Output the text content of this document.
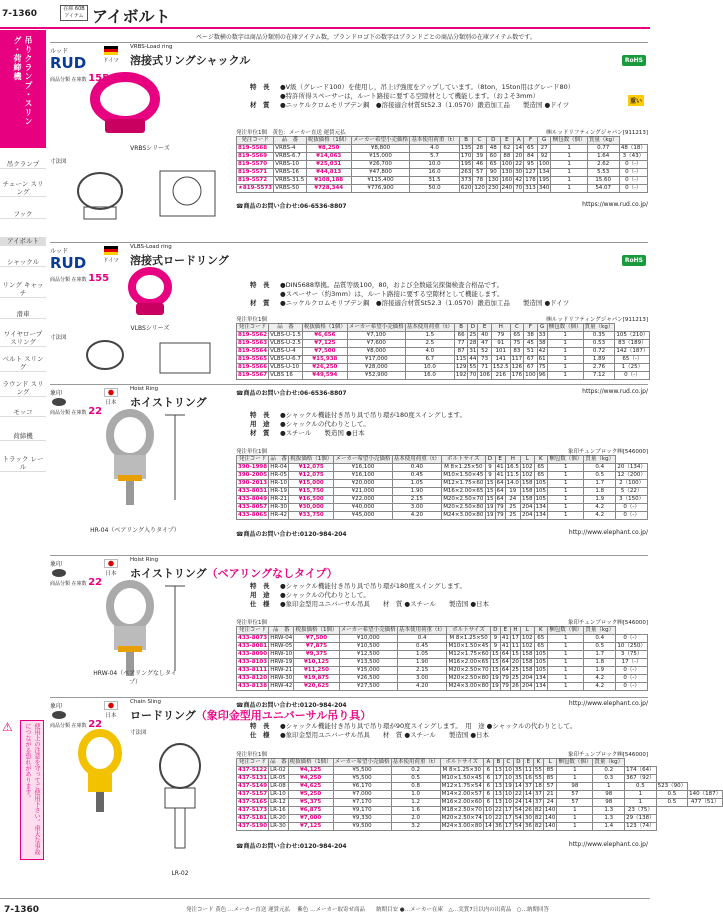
7-1360	在庫 60Bアイテム アイボルト
ページ数横の数字は商品分類別の在庫アイテム数，ブランドロゴ下の数字はブランドごとの商品分類別の在庫アイテム数です。
吊りクランプ・スリング・荷締機
吊クランプ
チェーン スリング
フック
アイボルト
シャックル
リング キャッチ
滑車
ワイヤロープ スリング
ベルト スリング
ラウンド スリング
モッコ
荷締機
トラック レール
⚠	使用上の注意を守ってご使用下さい。重大な事故につながる恐れがあります。
ルッド
RUD
商品分類 在庫数 155
ドイツ
VRBS-Load ring
溶接式リングシャックル	RoHS
重い
VRBSシリーズ
寸法図
特　長 ●V級（グレード100）を使用し，吊上げ強度をアップしています。（8ton，15ton用はグレード80）
●特許所得スペーサーは，ルート路接に要する空隙材として機能します。（およそ3mm）
材　質 ●ニッケルクロムモリブデン鋼　●溶接適合材質St52.3（1.0570）鍛造加工品　　製造国 ●ドイツ
発注単位1個　黄色：メーカー直送 運賃元払	㈱ルッドリフティングジャパン[911213]
発注コード	品　番	税抜価格（1個）	メーカー希望小売価格	基本使用荷重（t）	B	C	D	E	A	F	G	梱包数（個）	質量（kg）	
819-5568	VRBS-4	¥8,250	¥8,800	4.0	135	28	48	62	14	65	27	1	0.77	48（18）
819-5569	VRBS-6.7	¥14,063	¥15,000	5.7	170	39	60	88	20	84	92	1	1.64	3（43）
819-5570	VRBS-10	¥25,031	¥26,700	10.0	195	46	65	100	22	95	100	1	2.62	0（-）
819-5571	VRBS-16	¥44,813	¥47,800	16.0	263	57	90	130	30	127	134	1	5.53	0（-）
819-5572	VRBS-31.5	¥108,188	¥115,400	31.5	373	78	130	160	42	178	195	1	15.60	0（-）
★819-5573	VRBS-50	¥728,344	¥776,900	50.0	620	120	230	240	70	313	340	1	54.07	0（-）
☎商品のお問い合わせ:06-6536-8807	https://www.rud.co.jp/
ルッド
RUD
商品分類 在庫数 155
ドイツ
VLBS-Load ring
溶接式ロードリング	RoHS
VLBSシリーズ
寸法図
特　長 ●DIN5688準拠。品質等級100，80，および全数磁気探傷検査合格品です。
●スペーサー（約3mm）は，ルート路接に要する空隙材として機能します。
材　質 ●ニッケルクロムモリブデン鋼　●溶接適合材質St52.3（1.0570）鍛造加工品　　製造国 ●ドイツ
発注単位1個	㈱ルッドリフティングジャパン[911213]
発注コード	品　番	税抜価格（1個）	メーカー希望小売価格	基本使用荷重（t）	B	D	E	H	C	F	G	梱包数（個）	質量（kg）	
819-5562	VLBS-U-1.5	¥6,656	¥7,100	1.5	66	25	40	79	65	38	33	1	0.35	105（210）
819-5563	VLBS-U-2.5	¥7,125	¥7,600	2.5	77	28	47	91	75	45	38	1	0.53	83（189）
819-5564	VLBS-U-4	¥7,500	¥8,000	4.0	87	31	52	101	83	51	42	1	0.72	142（187）
819-5565	VLBS-U-6.7	¥15,938	¥17,000	6.7	115	44	73	141	117	67	61	1	1.89	65（-）
819-5566	VLBS-U-10	¥26,250	¥28,000	10.0	129	55	71	152.5	126	67	75	1	2.76	1（25）
819-5567	VLBS 16	¥49,594	¥52,900	16.0	192	70	106	216	176	100	96	1	7.12	0（-）
☎商品のお問い合わせ:06-6536-8807	https://www.rud.co.jp/
象印
商品分類 在庫数 22
日本
Hoist Ring
ホイストリング
HR-04（ベアリング入りタイプ）
特　長 ●シャックル機能付き吊り具で吊り環が180度スイングします。
用　途 ●シャックルの代わりとして。
材　質 ●スチール　　製造国 ●日本
発注単位1個	象印チェンブロック㈱[546000]
発注コード	品　番	税抜価格（1個）	メーカー希望小売価格	基本使用荷重（t）	ボルトサイズ	D	E	H	L	K	梱包数（個）	質量（kg）	
390-1998	HR-04	¥12,075	¥16,100	0.40	M 8×1.25×50	9	41	16.5	102	65	1	0.4	20（134）
390-2005	HR-05	¥12,075	¥16,100	0.45	M10×1.50×45	9	41	11.5	102	65	1	0.5	12（200）
390-2013	HR-10	¥15,000	¥20,000	1.05	M12×1.75×60	15	64	14.0	158	105	1	1.7	2（100）
433-8031	HR-19	¥15,750	¥21,000	1.90	M16×2.00×65	15	64	19	158	105	1	1.8	5（22）
433-8049	HR-21	¥16,500	¥22,000	2.15	M20×2.50×70	15	64	24	158	105	1	1.9	3（150）
433-8057	HR-30	¥30,000	¥40,000	3.00	M20×2.50×80	19	79	25	204	134	1	4.2	0（-）
433-8065	HR-42	¥33,750	¥45,000	4.20	M24×3.00×80	19	79	25	204	134	1	4.2	0（-）
☎商品のお問い合わせ:0120-984-204	http://www.elephant.co.jp/
象印
商品分類 在庫数 22
日本
Hoist Ring
ホイストリング（ベアリングなしタイプ）
HRW-04（ベアリングなしタイプ）
特　長 ●シャックル機能付き吊り具で吊り環が180度スイングします。
用　途 ●シャックルの代わりとして。
仕　様 ●象印金型用ユニバーサル吊具　　材　質 ●スチール　　製造国 ●日本
発注単位1個	象印チェンブロック㈱[546000]
発注コード	品　番	税抜価格（1個）	メーカー希望小売価格	基本使用荷重（t）	ボルトサイズ	D	E	H	L	K	梱包数（個）	質量（kg）	
433-8073	HRW-04	¥7,500	¥10,000	0.4	M 8×1.25×50	9	41	17	102	65	1	0.4	0（-）
433-8081	HRW-05	¥7,875	¥10,500	0.45	M10×1.50×45	9	41	11	102	65	1	0.5	10（250）
433-8090	HRW-10	¥9,375	¥12,500	1.05	M12×1.75×60	15	64	15	158	105	1	1.7	3（75）
433-8103	HRW-19	¥10,125	¥13,500	1.90	M16×2.00×65	15	64	20	158	105	1	1.8	17（-）
433-8111	HRW-21	¥11,250	¥15,000	2.15	M20×2.50×70	15	64	25	158	105	1	1.9	0（-）
433-8120	HRW-30	¥19,875	¥26,500	3.00	M20×2.50×80	19	79	25	204	134	1	4.2	0（-）
433-8138	HRW-42	¥20,625	¥27,500	4.20	M24×3.00×80	19	79	26	204	134	1	4.2	0（-）
☎商品のお問い合わせ:0120-984-204	http://www.elephant.co.jp/
象印
商品分類 在庫数 22
日本
Chain Sling
ロードリング（象印金型用ユニバーサル吊り具）
寸法図
LR-02
特　長 ●シャックル機能付き吊り具で吊り環が90度スイングします。　用　途 ●シャックルの代わりとして。
仕　様 ●象印金型用ユニバーサル吊具　　材　質 ●スチール　　製造国 ●日本
発注単位1個	象印チェンブロック㈱[546000]
発注コード	品　番	税抜価格（1個）	メーカー希望小売価格	基本使用荷重（t）	ボルトサイズ	A	B	C	D	E	K	L	梱包数（個）	質量（kg）			
437-5122	LR-02	¥4,125	¥5,500	0.2	M 8×1.25×30	6	13	10	35	11	55	85	1	0.2	174（64）		
437-5131	LR-05	¥4,250	¥5,500	0.5	M10×1.50×45	6	17	10	35	16	55	85	1	0.3	367（92）		
437-5149	LR-08	¥4,625	¥6,170	0.8	M12×1.75×54	6	13	19	14	37	18	57	98	1	0.5	523（90）	
437-5157	LR-10	¥5,250	¥7,000	1.0	M14×2.00×57	6	13	10	22	14	37	21	57	98	1	0.5	140（187）
437-5165	LR-12	¥5,375	¥7,170	1.2	M16×2.00×60	6	13	10	24	14	37	24	57	98	1	0.5	477（51）
437-5173	LR-16	¥6,875	¥9,170	1.6	M18×2.50×70	10	22	17	54	26	82	140	1	1.3	23（75）		
437-5181	LR-20	¥7,000	¥9,330	2.0	M20×2.50×74	10	22	17	54	30	82	140	1	1.3	29（138）		
437-5190	LR-30	¥7,125	¥9,500	3.2	M24×3.00×80	14	36	17	54	36	82	140	1	1.4	123（74）		
☎商品のお問い合わせ:0120-984-204	http://www.elephant.co.jp/
7-1360	発注コード 黄色 …メーカー直送 運賃元払　 紫色 …メーカー取寄せ商品　　納期目安 ●…メーカー在庫　△…実質7日以内の出荷品　○…納期回答
